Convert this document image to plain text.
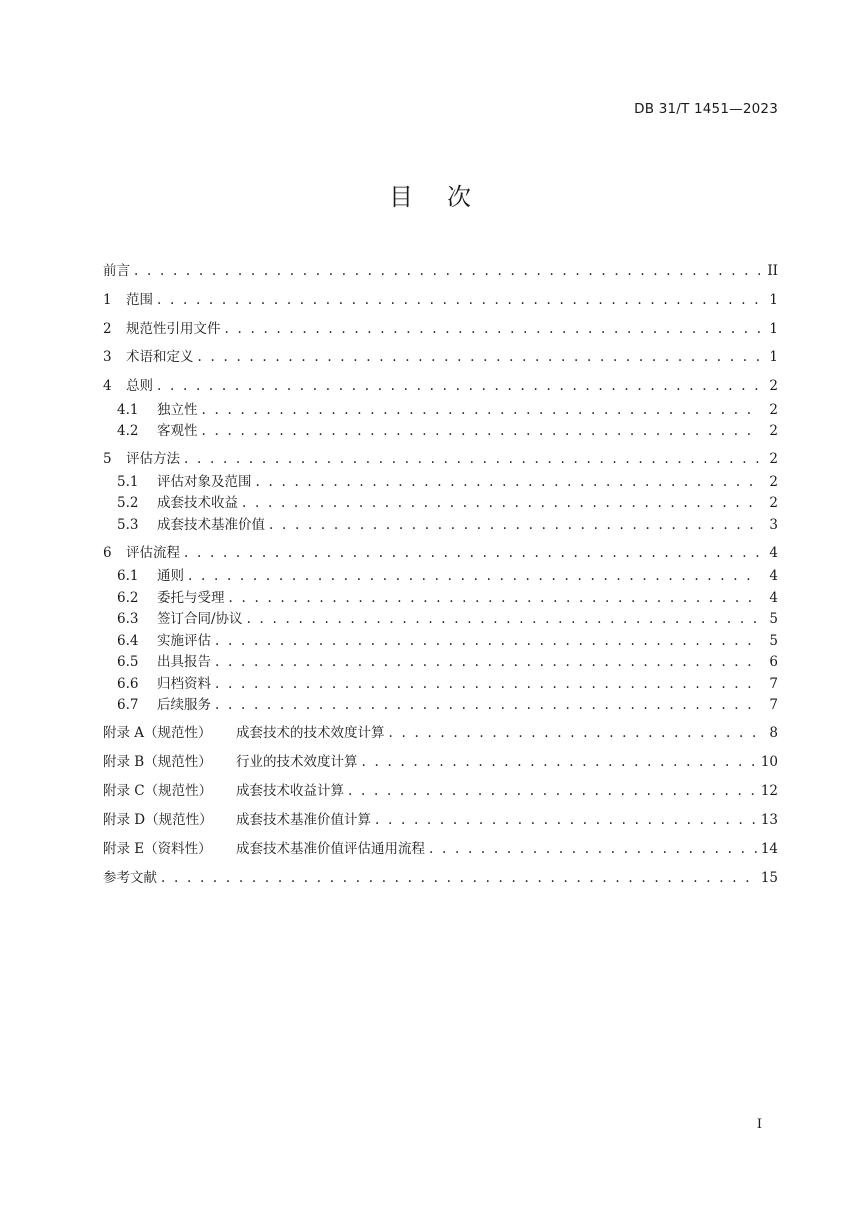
DB 31/T 1451—2023
目 次
前言 . . .	II
1	范围 . . .	1
2	规范性引用文件 . . .	1
3	术语和定义 . . .	1
4	总则 . . .	2
4.1	独立性 . . .	2
4.2	客观性 . . .	2
5	评估方法 . . .	2
5.1	评估对象及范围 . . .	2
5.2	成套技术收益 . . .	2
5.3	成套技术基准价值 . . .	3
6	评估流程 . . .	4
6.1	通则 . . .	4
6.2	委托与受理 . . .	4
6.3	签订合同/协议 . . .	5
6.4	实施评估 . . .	5
6.5	出具报告 . . .	6
6.6	归档资料 . . .	7
6.7	后续服务 . . .	7
附录 A（规范性）	成套技术的技术效度计算 . . .	8
附录 B（规范性）	行业的技术效度计算 . . .	10
附录 C（规范性）	成套技术收益计算 . . .	12
附录 D（规范性）	成套技术基准价值计算 . . .	13
附录 E（资料性）	成套技术基准价值评估通用流程 . . .	14
参考文献 . . .	15
I
